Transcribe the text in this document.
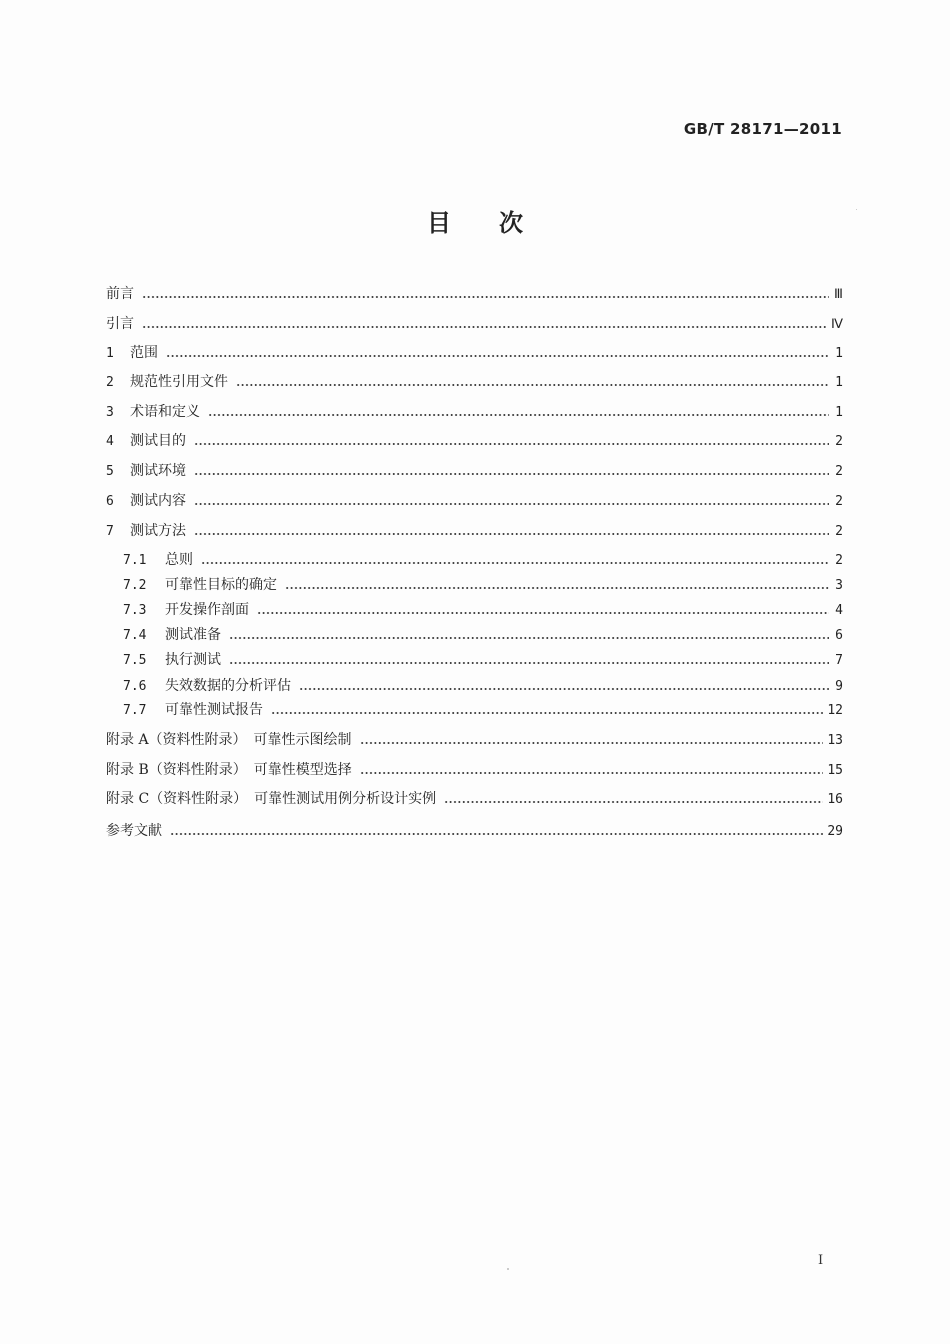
GB/T 28171—2011
目　　次
前言	Ⅲ
引言	Ⅳ
1	范围	1
2	规范性引用文件	1
3	术语和定义	1
4	测试目的	2
5	测试环境	2
6	测试内容	2
7	测试方法	2
7.1	总则	2
7.2	可靠性目标的确定	3
7.3	开发操作剖面	4
7.4	测试准备	6
7.5	执行测试	7
7.6	失效数据的分析评估	9
7.7	可靠性测试报告	12
附录 A（资料性附录）　可靠性示图绘制	13
附录 B（资料性附录）　可靠性模型选择	15
附录 C（资料性附录）　可靠性测试用例分析设计实例	16
参考文献	29
I
